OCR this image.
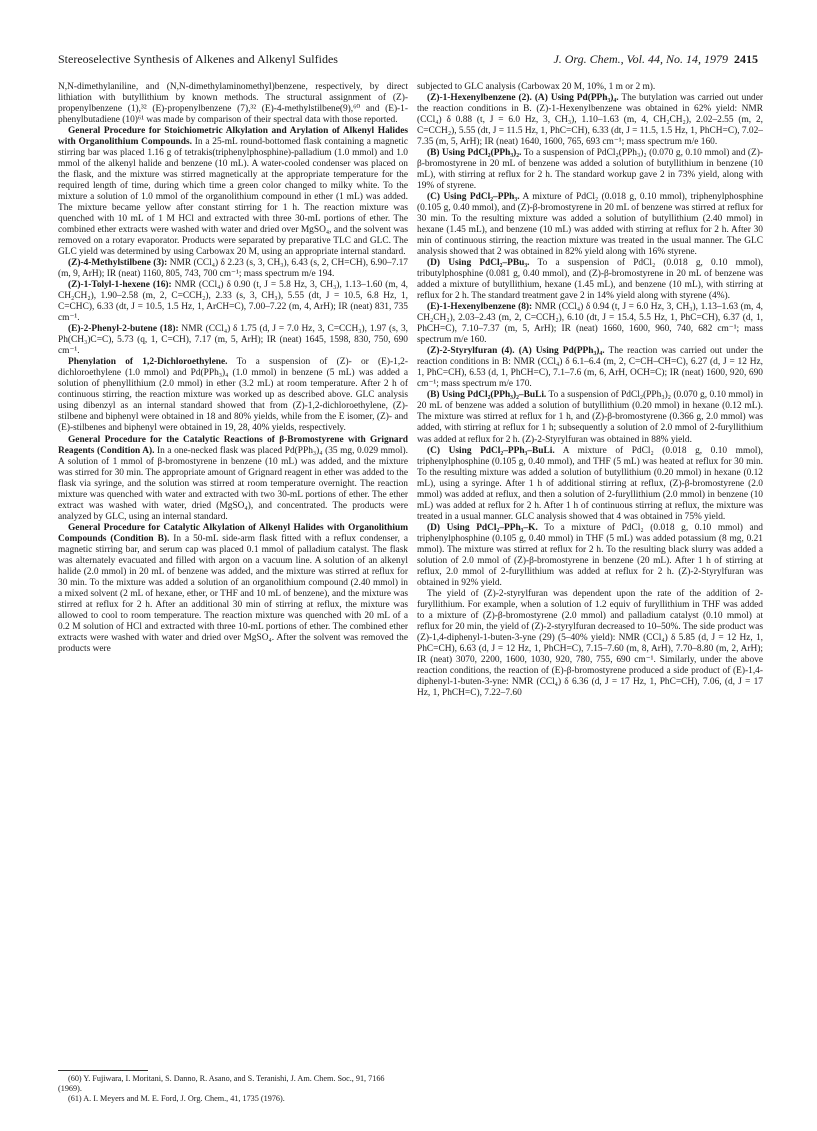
Stereoselective Synthesis of Alkenes and Alkenyl Sulfides	J. Org. Chem., Vol. 44, No. 14, 1979 2415

N,N-dimethylaniline, and (N,N-dimethylaminomethyl)benzene, respectively, by direct lithiation with butyllithium by known methods. The structural assignment of (Z)-propenylbenzene (1),³² (E)-propenylbenzene (7),³² (E)-4-methylstilbene(9),⁶⁰ and (E)-1-phenylbutadiene (10)⁶¹ was made by comparison of their spectral data with those reported.

General Procedure for Stoichiometric Alkylation and Arylation of Alkenyl Halides with Organolithium Compounds. In a 25-mL round-bottomed flask containing a magnetic stirring bar was placed 1.16 g of tetrakis(triphenylphosphine)-palladium (1.0 mmol) and 1.0 mmol of the alkenyl halide and benzene (10 mL). A water-cooled condenser was placed on the flask, and the mixture was stirred magnetically at the appropriate temperature for the required length of time, during which time a green color changed to milky white. To the mixture a solution of 1.0 mmol of the organolithium compound in ether (1 mL) was added. The mixture became yellow after constant stirring for 1 h. The reaction mixture was quenched with 10 mL of 1 M HCl and extracted with three 30-mL portions of ether. The combined ether extracts were washed with water and dried over MgSO₄, and the solvent was removed on a rotary evaporator. Products were separated by preparative TLC and GLC. The GLC yield was determined by using Carbowax 20 M, using an appropriate internal standard.

(Z)-4-Methylstilbene (3): NMR (CCl₄) δ 2.23 (s, 3, CH₃), 6.43 (s, 2, CH=CH), 6.90–7.17 (m, 9, ArH); IR (neat) 1160, 805, 743, 700 cm⁻¹; mass spectrum m/e 194.

(Z)-1-Tolyl-1-hexene (16): NMR (CCl₄) δ 0.90 (t, J = 5.8 Hz, 3, CH₃), 1.13–1.60 (m, 4, CH₂CH₂), 1.90–2.58 (m, 2, C=CCH₂), 2.33 (s, 3, CH₃), 5.55 (dt, J = 10.5, 6.8 Hz, 1, C=CHC), 6.33 (dt, J = 10.5, 1.5 Hz, 1, ArCH=C), 7.00–7.22 (m, 4, ArH); IR (neat) 831, 735 cm⁻¹.

(E)-2-Phenyl-2-butene (18): NMR (CCl₄) δ 1.75 (d, J = 7.0 Hz, 3, C=CCH₃), 1.97 (s, 3, Ph(CH₃)C=C), 5.73 (q, 1, C=CH), 7.17 (m, 5, ArH); IR (neat) 1645, 1598, 830, 750, 690 cm⁻¹.

Phenylation of 1,2-Dichloroethylene. To a suspension of (Z)- or (E)-1,2-dichloroethylene (1.0 mmol) and Pd(PPh₃)₄ (1.0 mmol) in benzene (5 mL) was added a solution of phenyllithium (2.0 mmol) in ether (3.2 mL) at room temperature. After 2 h of continuous stirring, the reaction mixture was worked up as described above. GLC analysis using dibenzyl as an internal standard showed that from (Z)-1,2-dichloroethylene, (Z)-stilbene and biphenyl were obtained in 18 and 80% yields, while from the E isomer, (Z)- and (E)-stilbenes and biphenyl were obtained in 19, 28, 40% yields, respectively.

General Procedure for the Catalytic Reactions of β-Bromostyrene with Grignard Reagents (Condition A). In a one-necked flask was placed Pd(PPh₃)₄ (35 mg, 0.029 mmol). A solution of 1 mmol of β-bromostyrene in benzene (10 mL) was added, and the mixture was stirred for 30 min. The appropriate amount of Grignard reagent in ether was added to the flask via syringe, and the solution was stirred at room temperature overnight. The reaction mixture was quenched with water and extracted with two 30-mL portions of ether. The ether extract was washed with water, dried (MgSO₄), and concentrated. The products were analyzed by GLC, using an internal standard.

General Procedure for Catalytic Alkylation of Alkenyl Halides with Organolithium Compounds (Condition B). In a 50-mL side-arm flask fitted with a reflux condenser, a magnetic stirring bar, and serum cap was placed 0.1 mmol of palladium catalyst. The flask was alternately evacuated and filled with argon on a vacuum line. A solution of an alkenyl halide (2.0 mmol) in 20 mL of benzene was added, and the mixture was stirred at reflux for 30 min. To the mixture was added a solution of an organolithium compound (2.40 mmol) in a mixed solvent (2 mL of hexane, ether, or THF and 10 mL of benzene), and the mixture was stirred at reflux for 2 h. After an additional 30 min of stirring at reflux, the mixture was allowed to cool to room temperature. The reaction mixture was quenched with 20 mL of a 0.2 M solution of HCl and extracted with three 10-mL portions of ether. The combined ether extracts were washed with water and dried over MgSO₄. After the solvent was removed the products were

subjected to GLC analysis (Carbowax 20 M, 10%, 1 m or 2 m).

(Z)-1-Hexenylbenzene (2). (A) Using Pd(PPh₃)₄. The butylation was carried out under the reaction conditions in B. (Z)-1-Hexenylbenzene was obtained in 62% yield: NMR (CCl₄) δ 0.88 (t, J = 6.0 Hz, 3, CH₃), 1.10–1.63 (m, 4, CH₂CH₂), 2.02–2.55 (m, 2, C=CCH₂), 5.55 (dt, J = 11.5 Hz, 1, PhC=CH), 6.33 (dt, J = 11.5, 1.5 Hz, 1, PhCH=C), 7.02–7.35 (m, 5, ArH); IR (neat) 1640, 1600, 765, 693 cm⁻¹; mass spectrum m/e 160.

(B) Using PdCl₂(PPh₃)₂. To a suspension of PdCl₂(PPh₃)₂ (0.070 g, 0.10 mmol) and (Z)-β-bromostyrene in 20 mL of benzene was added a solution of butyllithium in benzene (10 mL), with stirring at reflux for 2 h. The standard workup gave 2 in 73% yield, along with 19% of styrene.

(C) Using PdCl₂–PPh₃. A mixture of PdCl₂ (0.018 g, 0.10 mmol), triphenylphosphine (0.105 g, 0.40 mmol), and (Z)-β-bromostyrene in 20 mL of benzene was stirred at reflux for 30 min. To the resulting mixture was added a solution of butyllithium (2.40 mmol) in hexane (1.45 mL), and benzene (10 mL) was added with stirring at reflux for 2 h. After 30 min of continuous stirring, the reaction mixture was treated in the usual manner. The GLC analysis showed that 2 was obtained in 82% yield along with 16% styrene.

(D) Using PdCl₂–PBu₃. To a suspension of PdCl₂ (0.018 g, 0.10 mmol), tributylphosphine (0.081 g, 0.40 mmol), and (Z)-β-bromostyrene in 20 mL of benzene was added a mixture of butyllithium, hexane (1.45 mL), and benzene (10 mL), with stirring at reflux for 2 h. The standard treatment gave 2 in 14% yield along with styrene (4%).

(E)-1-Hexenylbenzene (8): NMR (CCl₄) δ 0.94 (t, J = 6.0 Hz, 3, CH₃), 1.13–1.63 (m, 4, CH₂CH₂), 2.03–2.43 (m, 2, C=CCH₂), 6.10 (dt, J = 15.4, 5.5 Hz, 1, PhC=CH), 6.37 (d, 1, PhCH=C), 7.10–7.37 (m, 5, ArH); IR (neat) 1660, 1600, 960, 740, 682 cm⁻¹; mass spectrum m/e 160.

(Z)-2-Styrylfuran (4). (A) Using Pd(PPh₃)₄. The reaction was carried out under the reaction conditions in B: NMR (CCl₄) δ 6.1–6.4 (m, 2, C=CH–CH=C), 6.27 (d, J = 12 Hz, 1, PhC=CH), 6.53 (d, 1, PhCH=C), 7.1–7.6 (m, 6, ArH, OCH=C); IR (neat) 1600, 920, 690 cm⁻¹; mass spectrum m/e 170.

(B) Using PdCl₂(PPh₃)₂–BuLi. To a suspension of PdCl₂(PPh₃)₂ (0.070 g, 0.10 mmol) in 20 mL of benzene was added a solution of butyllithium (0.20 mmol) in hexane (0.12 mL). The mixture was stirred at reflux for 1 h, and (Z)-β-bromostyrene (0.366 g, 2.0 mmol) was added, with stirring at reflux for 1 h; subsequently a solution of 2.0 mmol of 2-furyllithium was added at reflux for 2 h. (Z)-2-Styrylfuran was obtained in 88% yield.

(C) Using PdCl₂–PPh₃–BuLi. A mixture of PdCl₂ (0.018 g, 0.10 mmol), triphenylphosphine (0.105 g, 0.40 mmol), and THF (5 mL) was heated at reflux for 30 min. To the resulting mixture was added a solution of butyllithium (0.20 mmol) in hexane (0.12 mL), using a syringe. After 1 h of additional stirring at reflux, (Z)-β-bromostyrene (2.0 mmol) was added at reflux, and then a solution of 2-furyllithium (2.0 mmol) in benzene (10 mL) was added at reflux for 2 h. After 1 h of continuous stirring at reflux, the mixture was treated in a usual manner. GLC analysis showed that 4 was obtained in 75% yield.

(D) Using PdCl₂–PPh₃–K. To a mixture of PdCl₂ (0.018 g, 0.10 mmol) and triphenylphosphine (0.105 g, 0.40 mmol) in THF (5 mL) was added potassium (8 mg, 0.21 mmol). The mixture was stirred at reflux for 2 h. To the resulting black slurry was added a solution of 2.0 mmol of (Z)-β-bromostyrene in benzene (20 mL). After 1 h of stirring at reflux, 2.0 mmol of 2-furyllithium was added at reflux for 2 h. (Z)-2-Styrylfuran was obtained in 92% yield.

The yield of (Z)-2-styrylfuran was dependent upon the rate of the addition of 2-furyllithium. For example, when a solution of 1.2 equiv of furyllithium in THF was added to a mixture of (Z)-β-bromostyrene (2.0 mmol) and palladium catalyst (0.10 mmol) at reflux for 20 min, the yield of (Z)-2-styrylfuran decreased to 10–50%. The side product was (Z)-1,4-diphenyl-1-buten-3-yne (29) (5–40% yield): NMR (CCl₄) δ 5.85 (d, J = 12 Hz, 1, PhC=CH), 6.63 (d, J = 12 Hz, 1, PhCH=C), 7.15–7.60 (m, 8, ArH), 7.70–8.80 (m, 2, ArH); IR (neat) 3070, 2200, 1600, 1030, 920, 780, 755, 690 cm⁻¹. Similarly, under the above reaction conditions, the reaction of (E)-β-bromostyrene produced a side product of (E)-1,4-diphenyl-1-buten-3-yne: NMR (CCl₄) δ 6.36 (d, J = 17 Hz, 1, PhC=CH), 7.06, (d, J = 17 Hz, 1, PhCH=C), 7.22–7.60

(60) Y. Fujiwara, I. Moritani, S. Danno, R. Asano, and S. Teranishi, J. Am. Chem. Soc., 91, 7166 (1969).
(61) A. I. Meyers and M. E. Ford, J. Org. Chem., 41, 1735 (1976).
